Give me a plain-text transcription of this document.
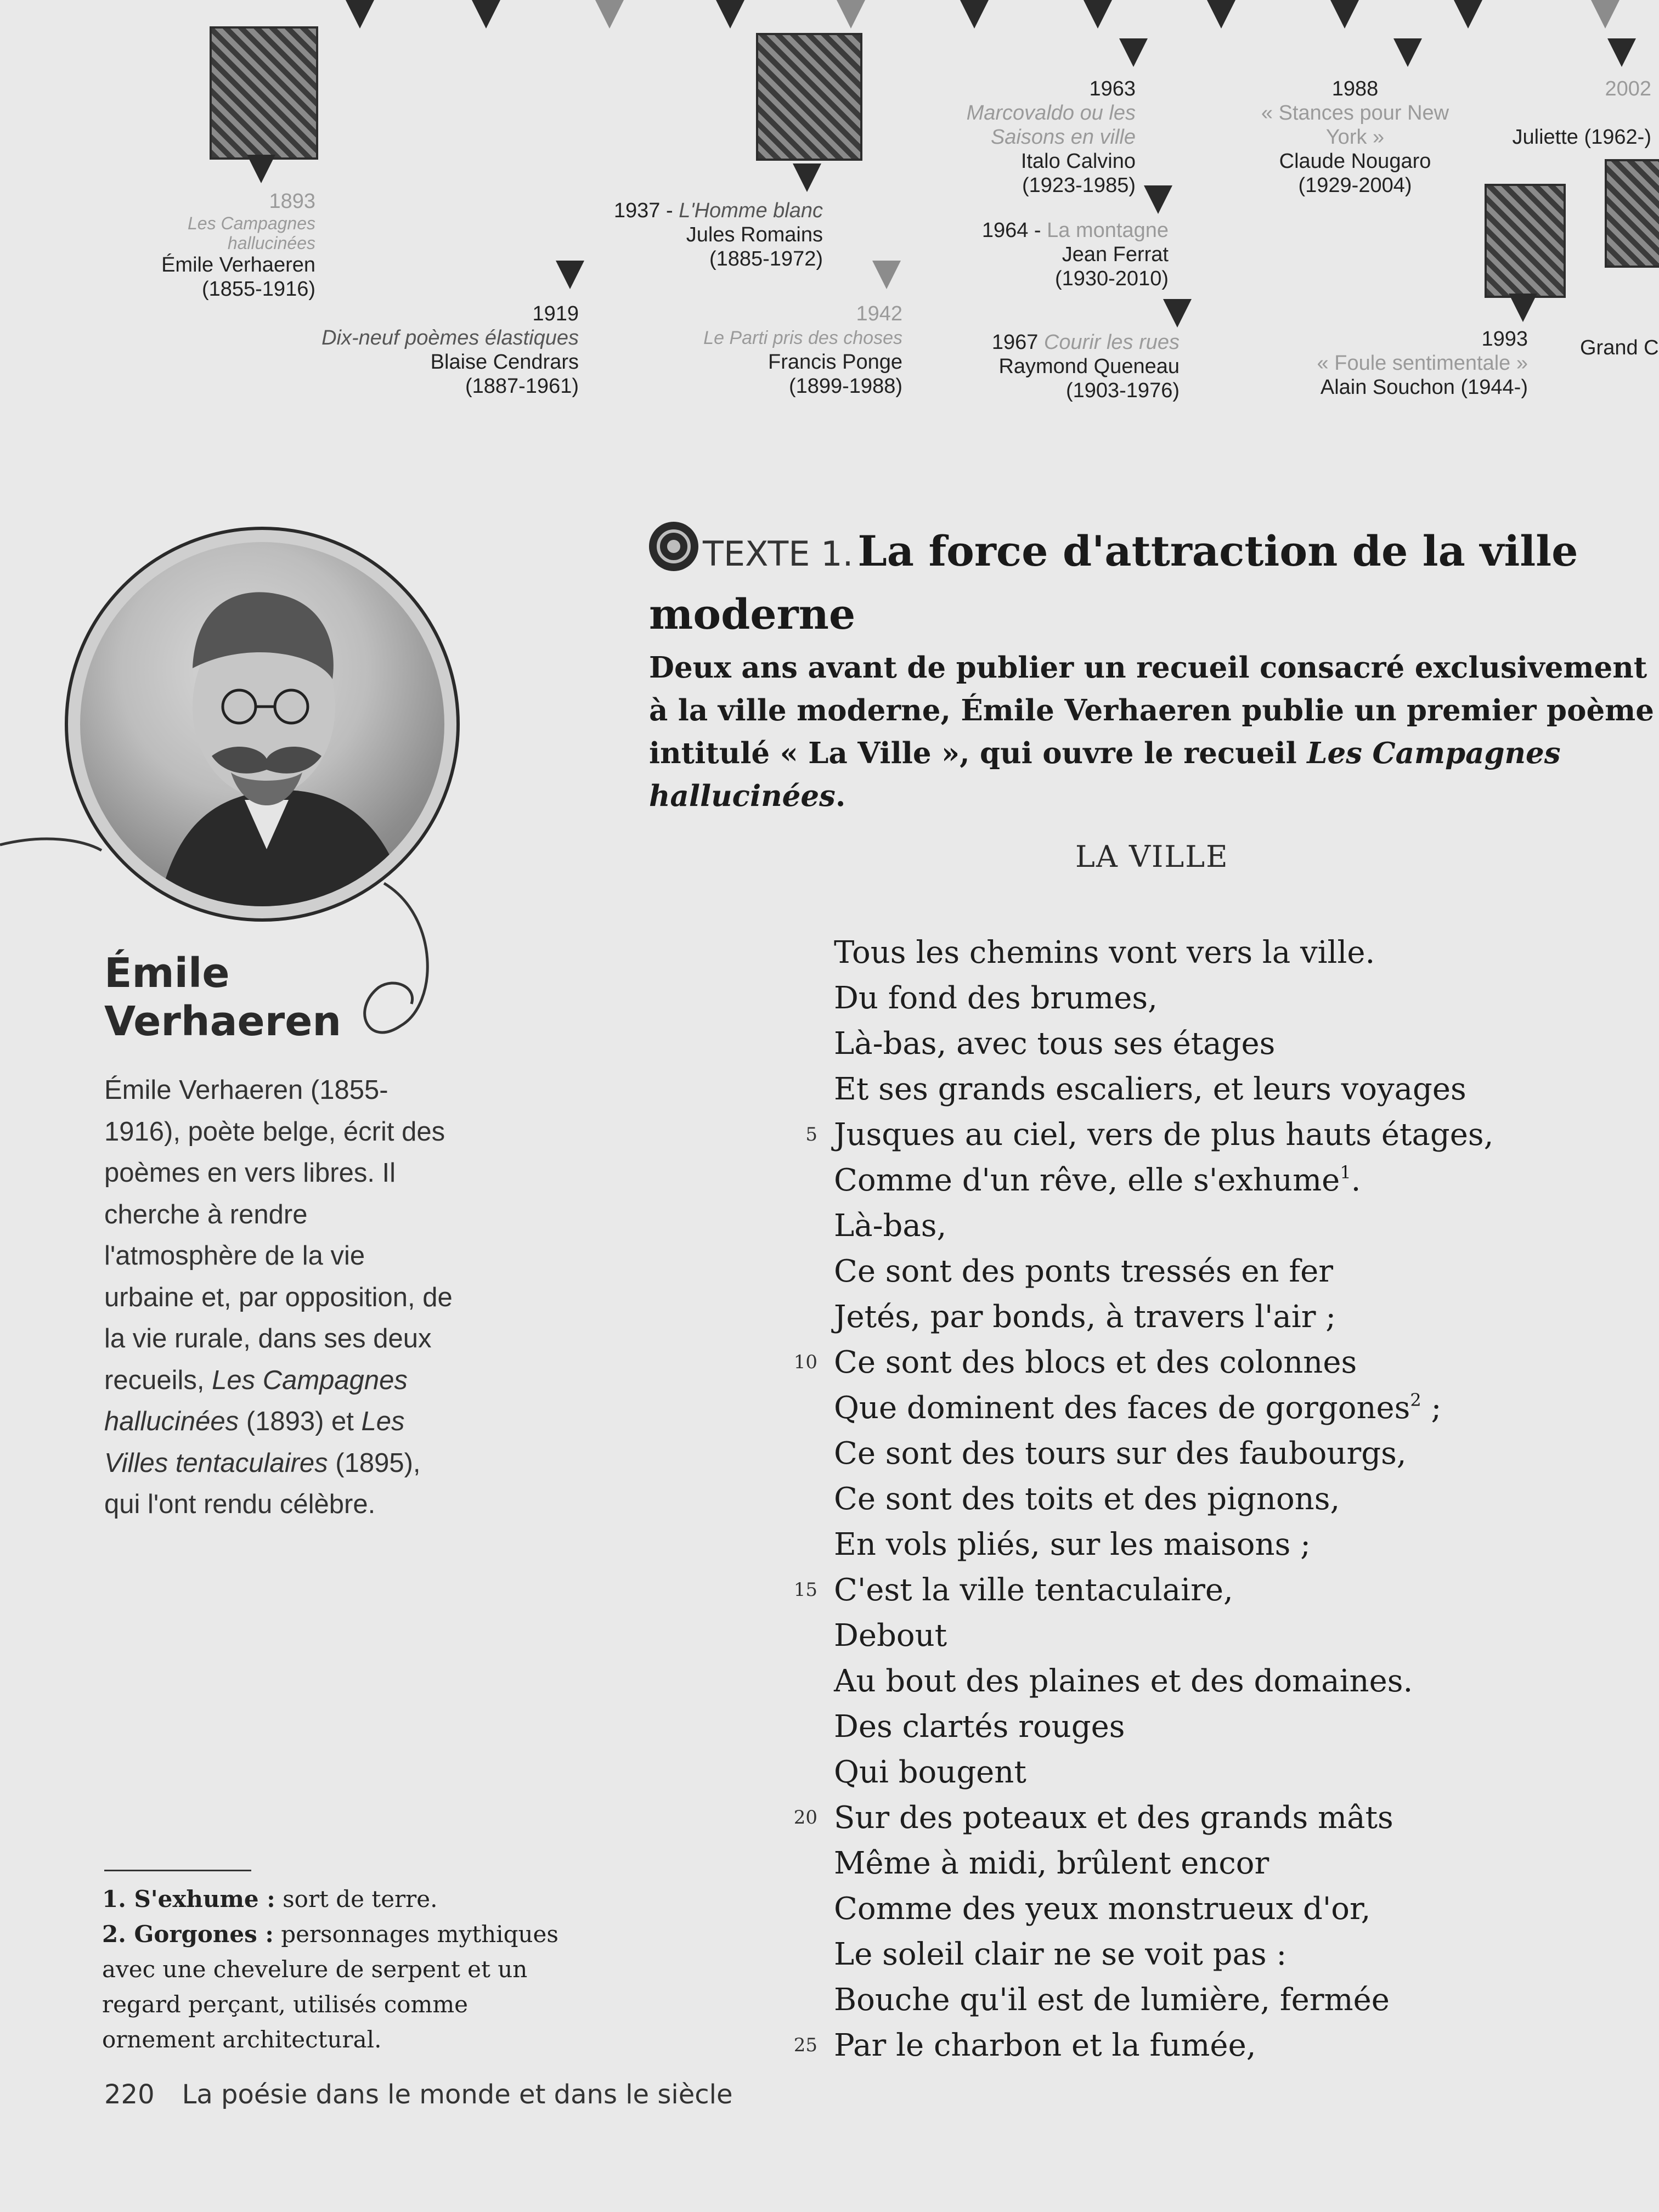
1893
Les Campagnes hallucinées
Émile Verhaeren
(1855-1916)
1919
Dix-neuf poèmes élastiques
Blaise Cendrars
(1887-1961)
1937 - L'Homme blanc
Jules Romains
(1885-1972)
1942
Le Parti pris des choses
Francis Ponge
(1899-1988)
1963
Marcovaldo ou les Saisons en ville
Italo Calvino
(1923-1985)
1964 - La montagne
Jean Ferrat
(1930-2010)
1967 Courir les rues
Raymond Queneau
(1903-1976)
1988
« Stances pour New York »
Claude Nougaro
(1929-2004)
1993
« Foule sentimentale »
Alain Souchon (1944-)
2002
Juliette (1962-)
Grand C
Émile
Verhaeren
Émile Verhaeren (1855-1916), poète belge, écrit des poèmes en vers libres. Il cherche à rendre l'atmosphère de la vie urbaine et, par opposition, de la vie rurale, dans ses deux recueils, Les Campagnes hallucinées (1893) et Les Villes tentaculaires (1895), qui l'ont rendu célèbre.
1. S'exhume : sort de terre.
2. Gorgones : personnages mythiques avec une chevelure de serpent et un regard perçant, utilisés comme ornement architectural.
220 La poésie dans le monde et dans le siècle
TEXTE 1. La force d'attraction de la ville moderne
Deux ans avant de publier un recueil consacré exclusivement à la ville moderne, Émile Verhaeren publie un premier poème intitulé « La Ville », qui ouvre le recueil Les Campagnes hallucinées.
LA VILLE
Tous les chemins vont vers la ville.
Du fond des brumes,
Là-bas, avec tous ses étages
Et ses grands escaliers, et leurs voyages
5 Jusques au ciel, vers de plus hauts étages,
Comme d'un rêve, elle s'exhume$^1$.
Là-bas,
Ce sont des ponts tressés en fer
Jetés, par bonds, à travers l'air ;
10 Ce sont des blocs et des colonnes
Que dominent des faces de gorgones$^2$ ;
Ce sont des tours sur des faubourgs,
Ce sont des toits et des pignons,
En vols pliés, sur les maisons ;
15 C'est la ville tentaculaire,
Debout
Au bout des plaines et des domaines.
Des clartés rouges
Qui bougent
20 Sur des poteaux et des grands mâts
Même à midi, brûlent encor
Comme des yeux monstrueux d'or,
Le soleil clair ne se voit pas :
Bouche qu'il est de lumière, fermée
25 Par le charbon et la fumée,
